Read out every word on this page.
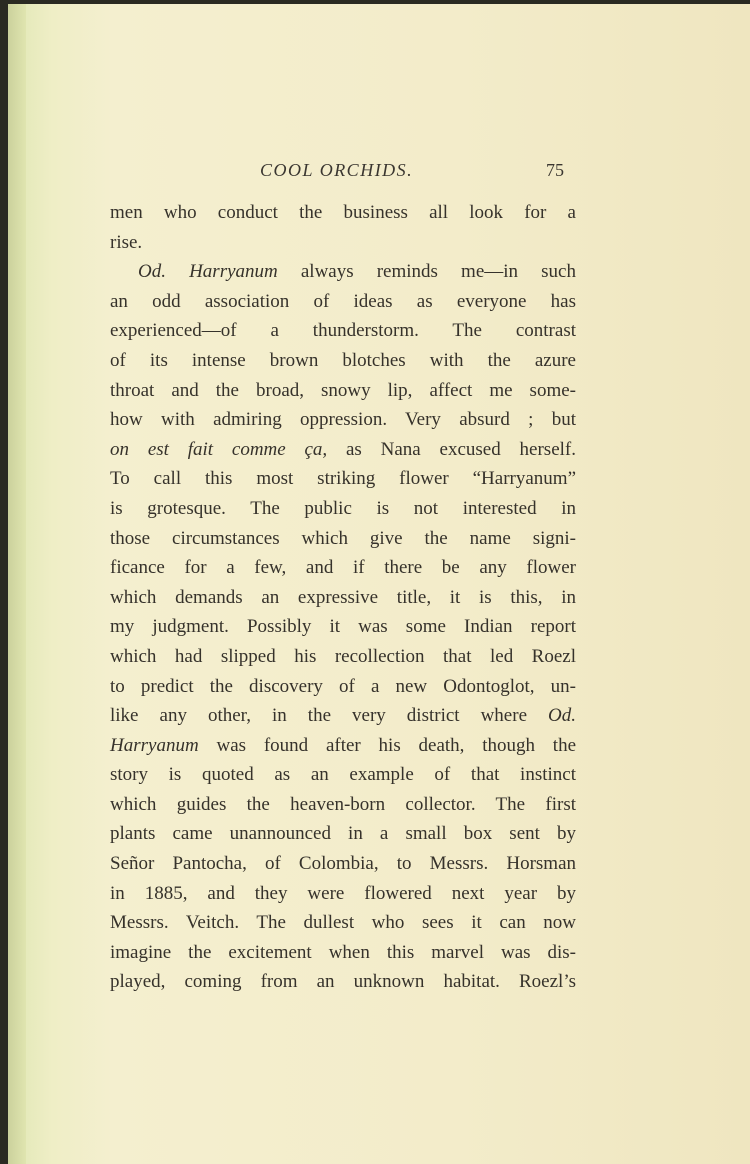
COOL ORCHIDS.	75
men who conduct the business all look for a
rise.
Od. Harryanum always reminds me—in such
an odd association of ideas as everyone has
experienced—of a thunderstorm. The contrast
of its intense brown blotches with the azure
throat and the broad, snowy lip, affect me some-
how with admiring oppression. Very absurd ; but
on est fait comme ça, as Nana excused herself.
To call this most striking flower “Harryanum”
is grotesque. The public is not interested in
those circumstances which give the name signi-
ficance for a few, and if there be any flower
which demands an expressive title, it is this, in
my judgment. Possibly it was some Indian report
which had slipped his recollection that led Roezl
to predict the discovery of a new Odontoglot, un-
like any other, in the very district where Od.
Harryanum was found after his death, though the
story is quoted as an example of that instinct
which guides the heaven-born collector. The first
plants came unannounced in a small box sent by
Señor Pantocha, of Colombia, to Messrs. Horsman
in 1885, and they were flowered next year by
Messrs. Veitch. The dullest who sees it can now
imagine the excitement when this marvel was dis-
played, coming from an unknown habitat. Roezl’s
